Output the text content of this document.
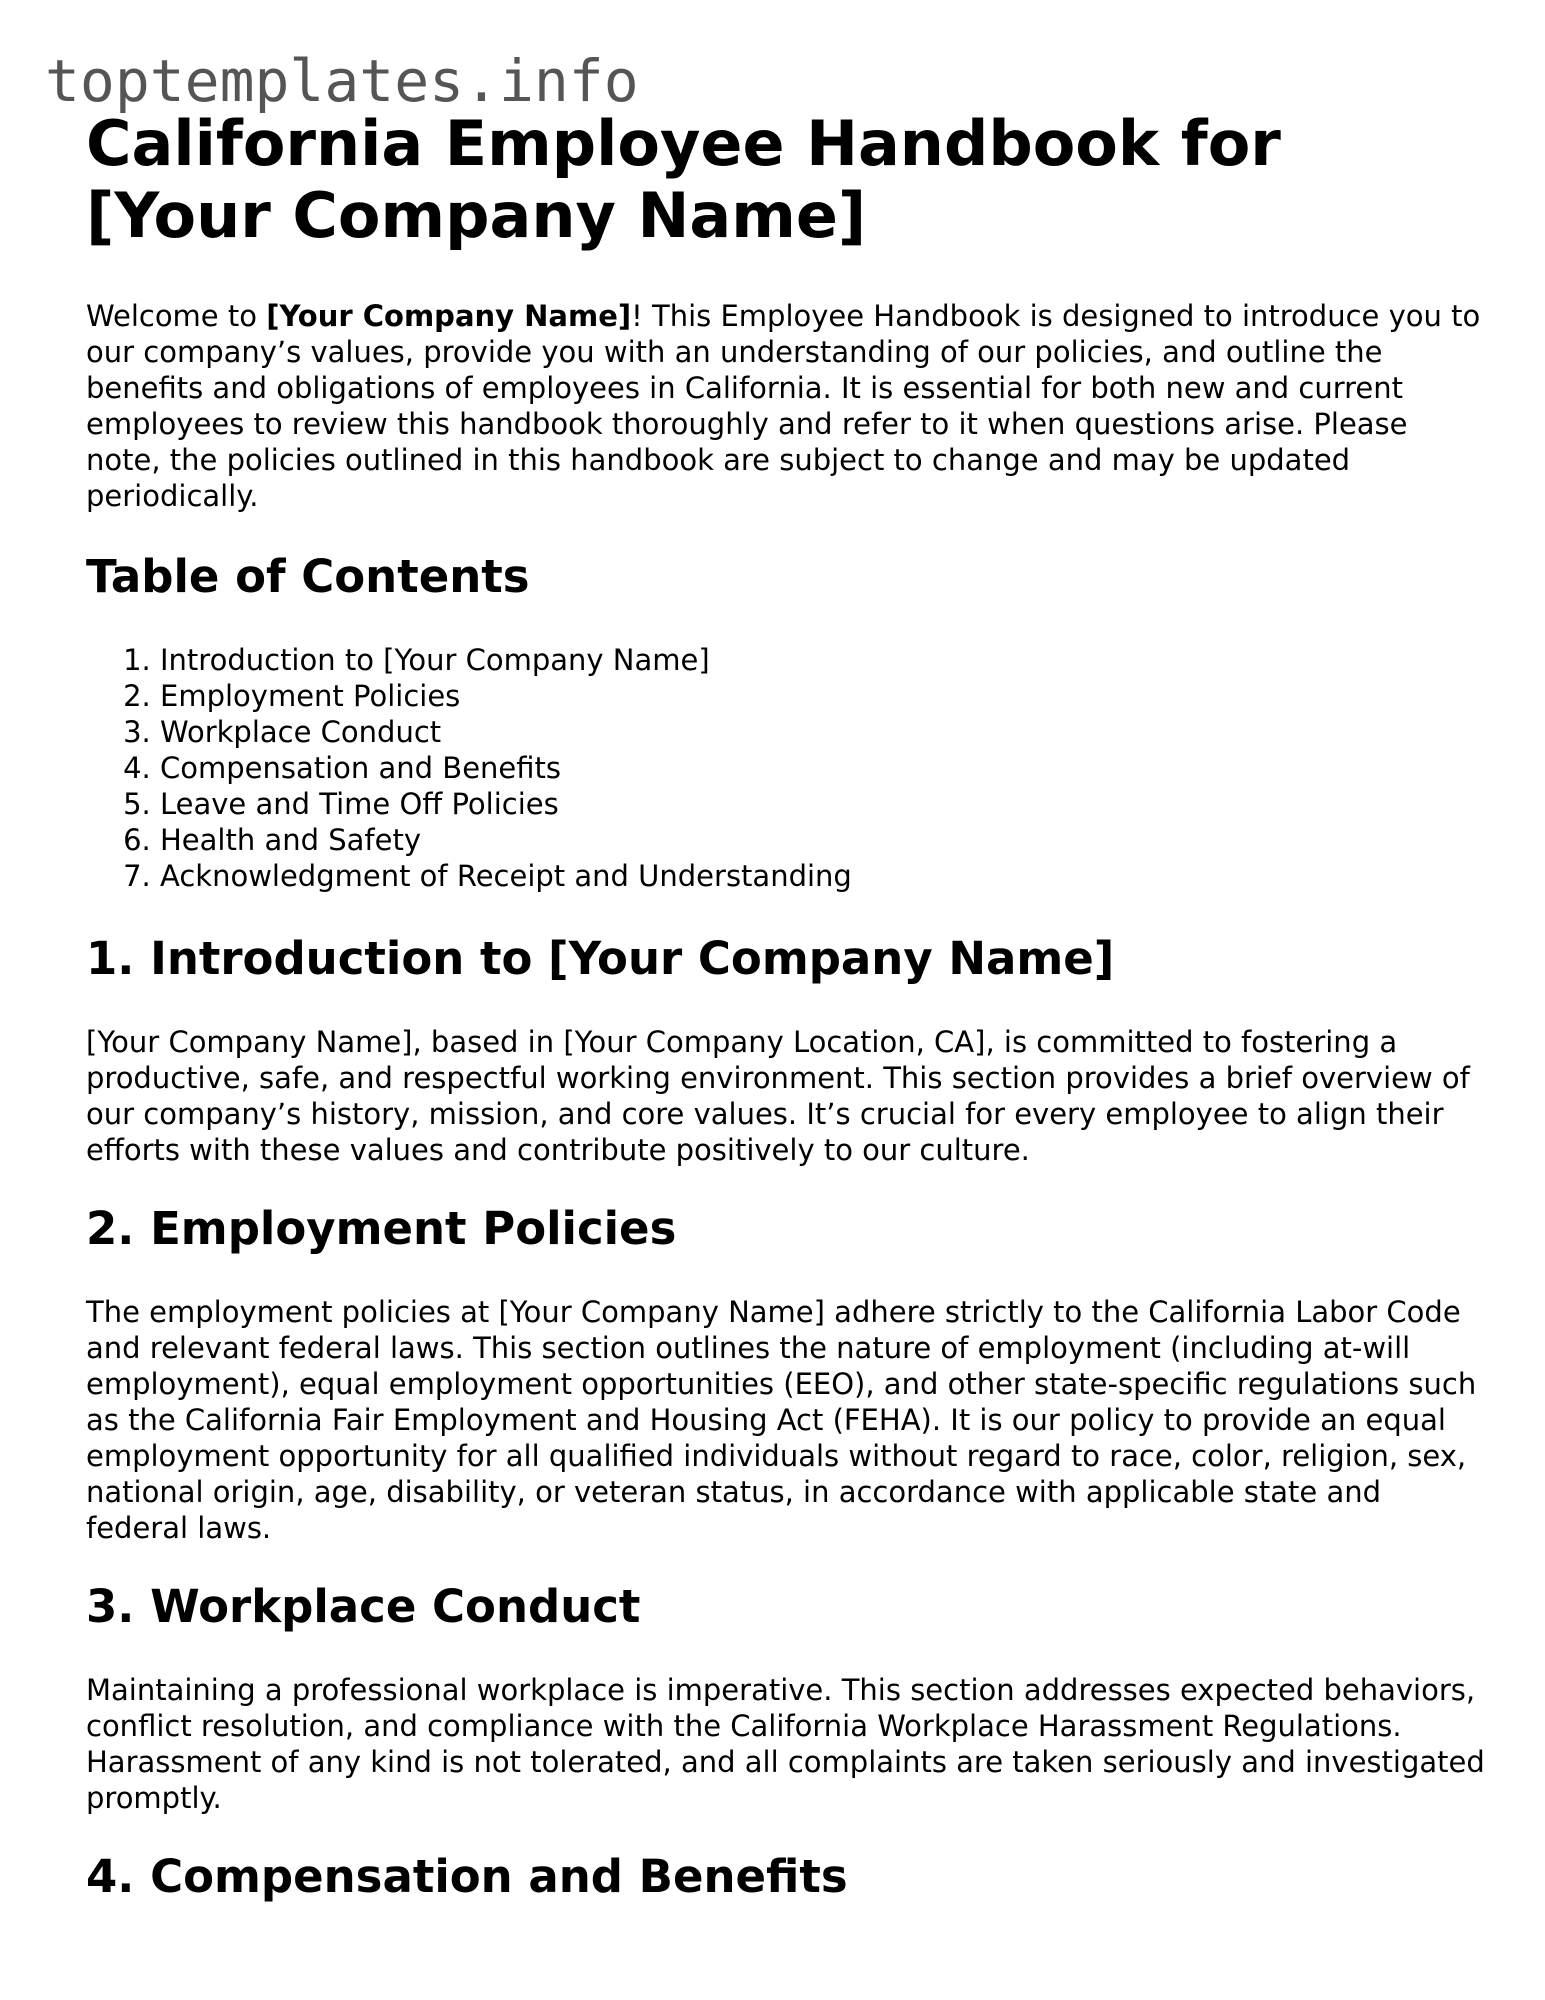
toptemplates.info
California Employee Handbook for [Your Company Name]

Welcome to [Your Company Name]! This Employee Handbook is designed to introduce you to our company’s values, provide you with an understanding of our policies, and outline the benefits and obligations of employees in California. It is essential for both new and current employees to review this handbook thoroughly and refer to it when questions arise. Please note, the policies outlined in this handbook are subject to change and may be updated periodically.

Table of Contents
1. Introduction to [Your Company Name]
2. Employment Policies
3. Workplace Conduct
4. Compensation and Benefits
5. Leave and Time Off Policies
6. Health and Safety
7. Acknowledgment of Receipt and Understanding
1. Introduction to [Your Company Name]

[Your Company Name], based in [Your Company Location, CA], is committed to fostering a productive, safe, and respectful working environment. This section provides a brief overview of our company’s history, mission, and core values. It’s crucial for every employee to align their efforts with these values and contribute positively to our culture.

2. Employment Policies

The employment policies at [Your Company Name] adhere strictly to the California Labor Code and relevant federal laws. This section outlines the nature of employment (including at-will employment), equal employment opportunities (EEO), and other state-specific regulations such as the California Fair Employment and Housing Act (FEHA). It is our policy to provide an equal employment opportunity for all qualified individuals without regard to race, color, religion, sex, national origin, age, disability, or veteran status, in accordance with applicable state and federal laws.

3. Workplace Conduct

Maintaining a professional workplace is imperative. This section addresses expected behaviors, conflict resolution, and compliance with the California Workplace Harassment Regulations. Harassment of any kind is not tolerated, and all complaints are taken seriously and investigated promptly.

4. Compensation and Benefits
